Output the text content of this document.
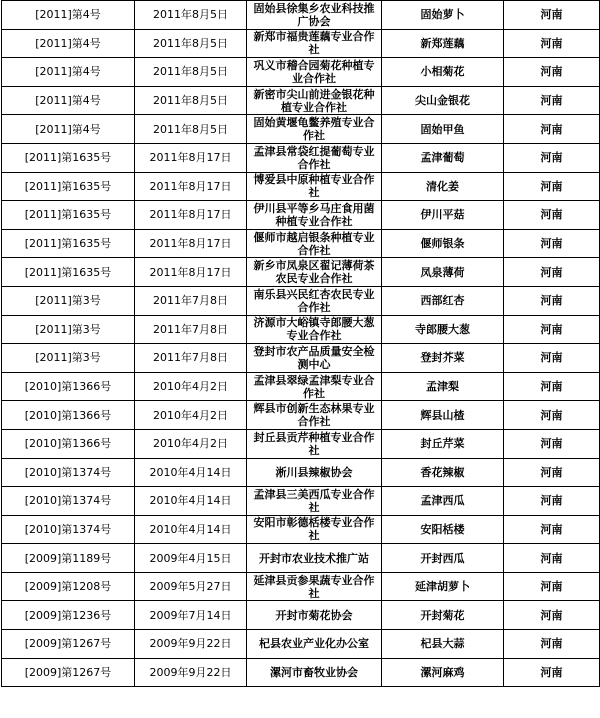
[2011]第4号	2011年8月5日	固始县徐集乡农业科技推广协会	固始萝卜	河南
[2011]第4号	2011年8月5日	新郑市福贵莲藕专业合作社	新郑莲藕	河南
[2011]第4号	2011年8月5日	巩义市稽合园菊花种植专业合作社	小相菊花	河南
[2011]第4号	2011年8月5日	新密市尖山前进金银花种植专业合作社	尖山金银花	河南
[2011]第4号	2011年8月5日	固始黄堰龟鳖养殖专业合作社	固始甲鱼	河南
[2011]第1635号	2011年8月17日	孟津县常袋红提葡萄专业合作社	孟津葡萄	河南
[2011]第1635号	2011年8月17日	博爱县中原种植专业合作社	清化姜	河南
[2011]第1635号	2011年8月17日	伊川县平等乡马庄食用菌种植专业合作社	伊川平菇	河南
[2011]第1635号	2011年8月17日	偃师市越启银条种植专业合作社	偃师银条	河南
[2011]第1635号	2011年8月17日	新乡市凤泉区翟记薄荷茶农民专业合作社	凤泉薄荷	河南
[2011]第3号	2011年7月8日	南乐县兴民红杏农民专业合作社	西部红杏	河南
[2011]第3号	2011年7月8日	济源市大峪镇寺郎腰大葱专业合作社	寺郎腰大葱	河南
[2011]第3号	2011年7月8日	登封市农产品质量安全检测中心	登封芥菜	河南
[2010]第1366号	2010年4月2日	孟津县翠绿孟津梨专业合作社	孟津梨	河南
[2010]第1366号	2010年4月2日	辉县市创新生态林果专业合作社	辉县山楂	河南
[2010]第1366号	2010年4月2日	封丘县贡芹种植专业合作社	封丘芹菜	河南
[2010]第1374号	2010年4月14日	淅川县辣椒协会	香花辣椒	河南
[2010]第1374号	2010年4月14日	孟津县三美西瓜专业合作社	孟津西瓜	河南
[2010]第1374号	2010年4月14日	安阳市彰德栝楼专业合作社	安阳栝楼	河南
[2009]第1189号	2009年4月15日	开封市农业技术推广站	开封西瓜	河南
[2009]第1208号	2009年5月27日	延津县贡参果蔬专业合作社	延津胡萝卜	河南
[2009]第1236号	2009年7月14日	开封市菊花协会	开封菊花	河南
[2009]第1267号	2009年9月22日	杞县农业产业化办公室	杞县大蒜	河南
[2009]第1267号	2009年9月22日	漯河市畜牧业协会	漯河麻鸡	河南
